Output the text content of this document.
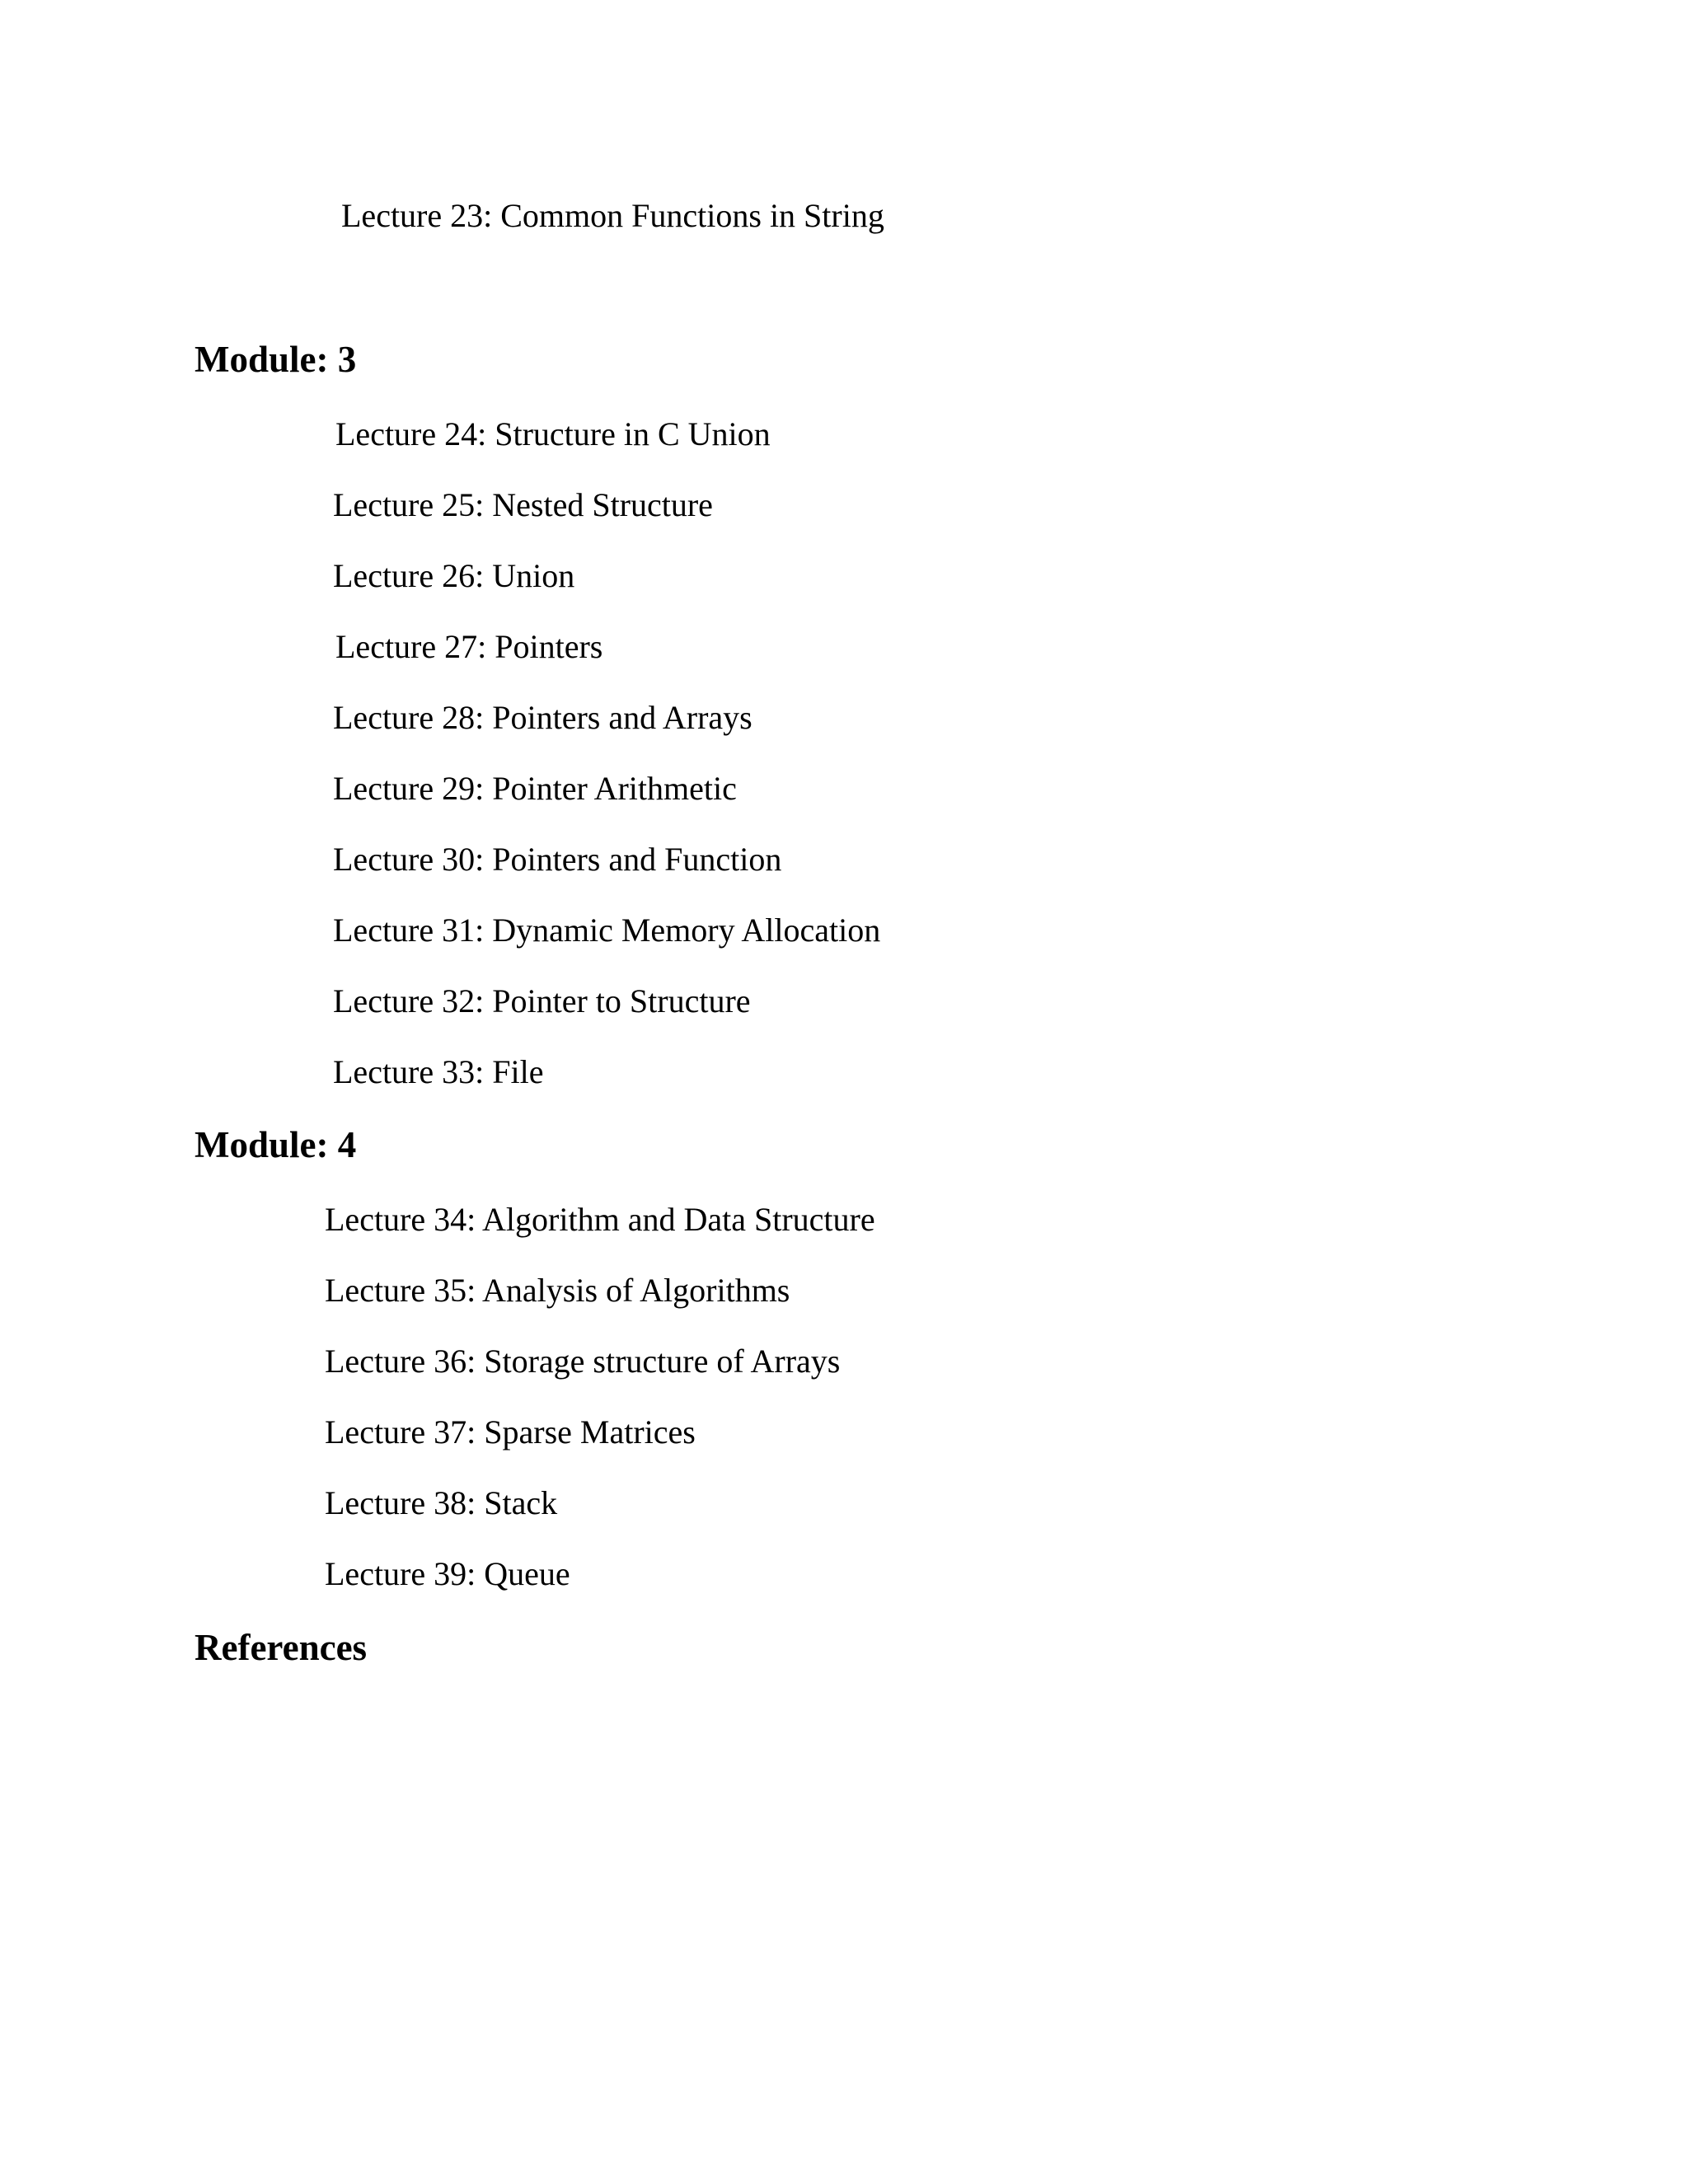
Lecture 23: Common Functions in String
Module: 3
Lecture 24: Structure in C Union
Lecture 25: Nested Structure
Lecture 26: Union
Lecture 27: Pointers
Lecture 28: Pointers and Arrays
Lecture 29: Pointer Arithmetic
Lecture 30: Pointers and Function
Lecture 31: Dynamic Memory Allocation
Lecture 32: Pointer to Structure
Lecture 33: File
Module: 4
Lecture 34: Algorithm and Data Structure
Lecture 35: Analysis of Algorithms
Lecture 36: Storage structure of Arrays
Lecture 37: Sparse Matrices
Lecture 38: Stack
Lecture 39: Queue
References
